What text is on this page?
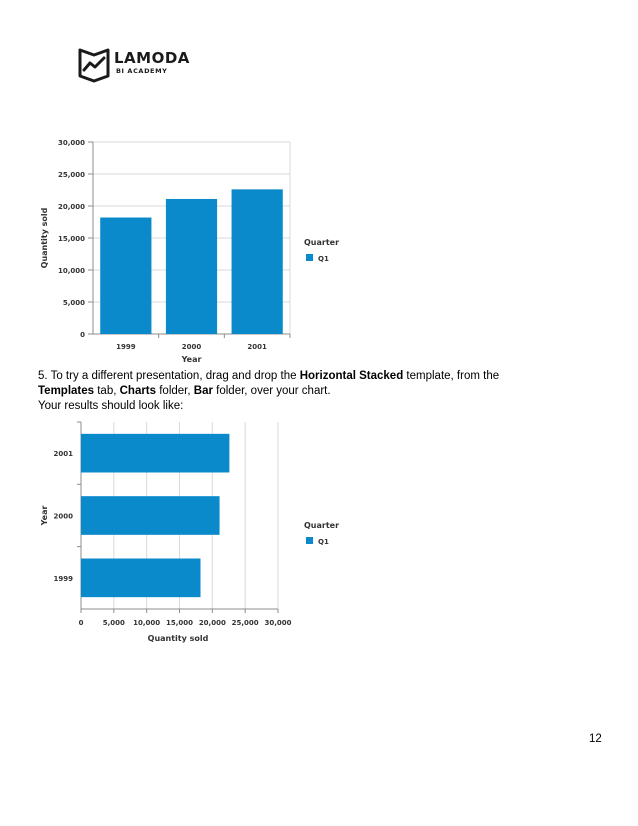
LAMODA
BI ACADEMY
0
5,000
10,000
15,000
20,000
25,000
30,000
1999	2000	2001
Year
Quantity sold	Quarter
Q1

5. To try a different presentation, drag and drop the Horizontal Stacked template, from the

Templates tab, Charts folder, Bar folder, over your chart.

Your results should look like:

0	5,000 10,000 15,000 20,000 25,000 30,000
2001
2000
1999
Quantity sold
Year
Quarter
Q1
12
